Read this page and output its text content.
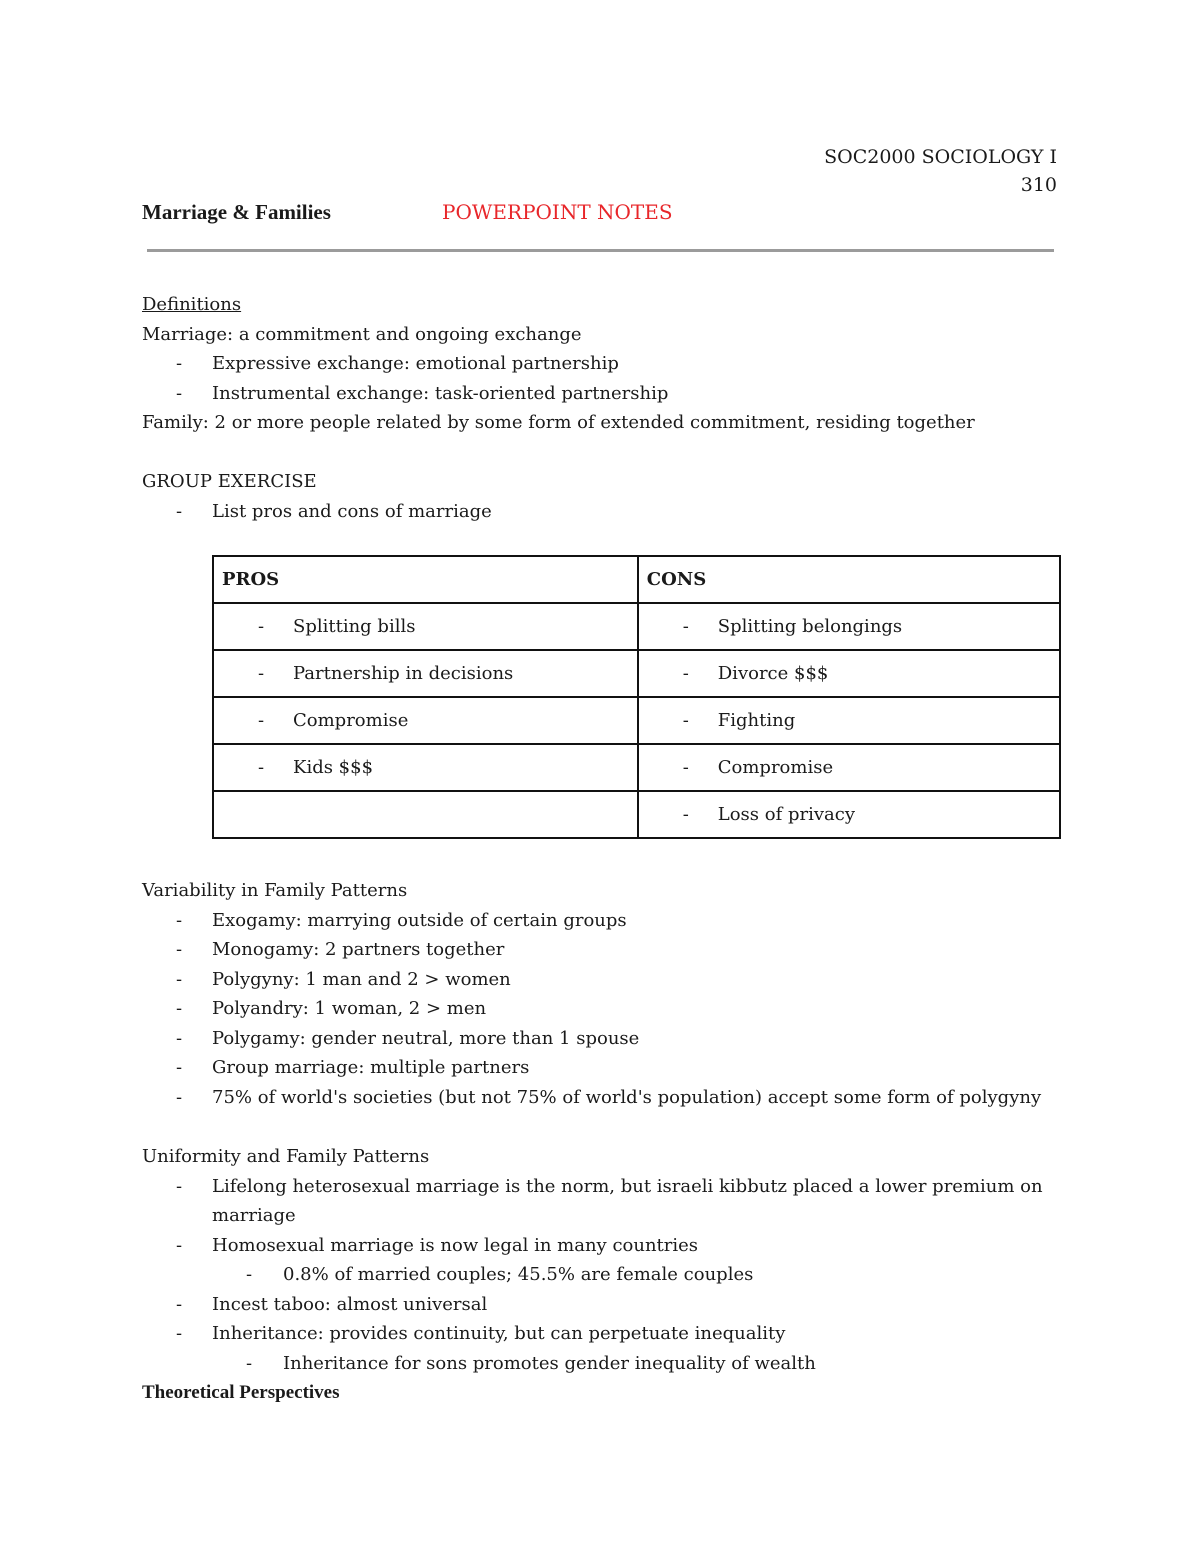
SOC2000 SOCIOLOGY I
310
Marriage & Families	POWERPOINT NOTES
Definitions
Marriage: a commitment and ongoing exchange
- Expressive exchange: emotional partnership
- Instrumental exchange: task-oriented partnership
Family: 2 or more people related by some form of extended commitment, residing together
GROUP EXERCISE
- List pros and cons of marriage
PROS	CONS

- Splitting bills	- Splitting belongings

- Partnership in decisions	- Divorce $$$

- Compromise	- Fighting

- Kids $$$	- Compromise

	- Loss of privacy
Variability in Family Patterns
- Exogamy: marrying outside of certain groups
- Monogamy: 2 partners together
- Polygyny: 1 man and 2 > women
- Polyandry: 1 woman, 2 > men
- Polygamy: gender neutral, more than 1 spouse
- Group marriage: multiple partners
- 75% of world's societies (but not 75% of world's population) accept some form of polygyny
Uniformity and Family Patterns
- Lifelong heterosexual marriage is the norm, but israeli kibbutz placed a lower premium on
marriage
- Homosexual marriage is now legal in many countries
- 0.8% of married couples; 45.5% are female couples
- Incest taboo: almost universal
- Inheritance: provides continuity, but can perpetuate inequality
- Inheritance for sons promotes gender inequality of wealth
Theoretical Perspectives
